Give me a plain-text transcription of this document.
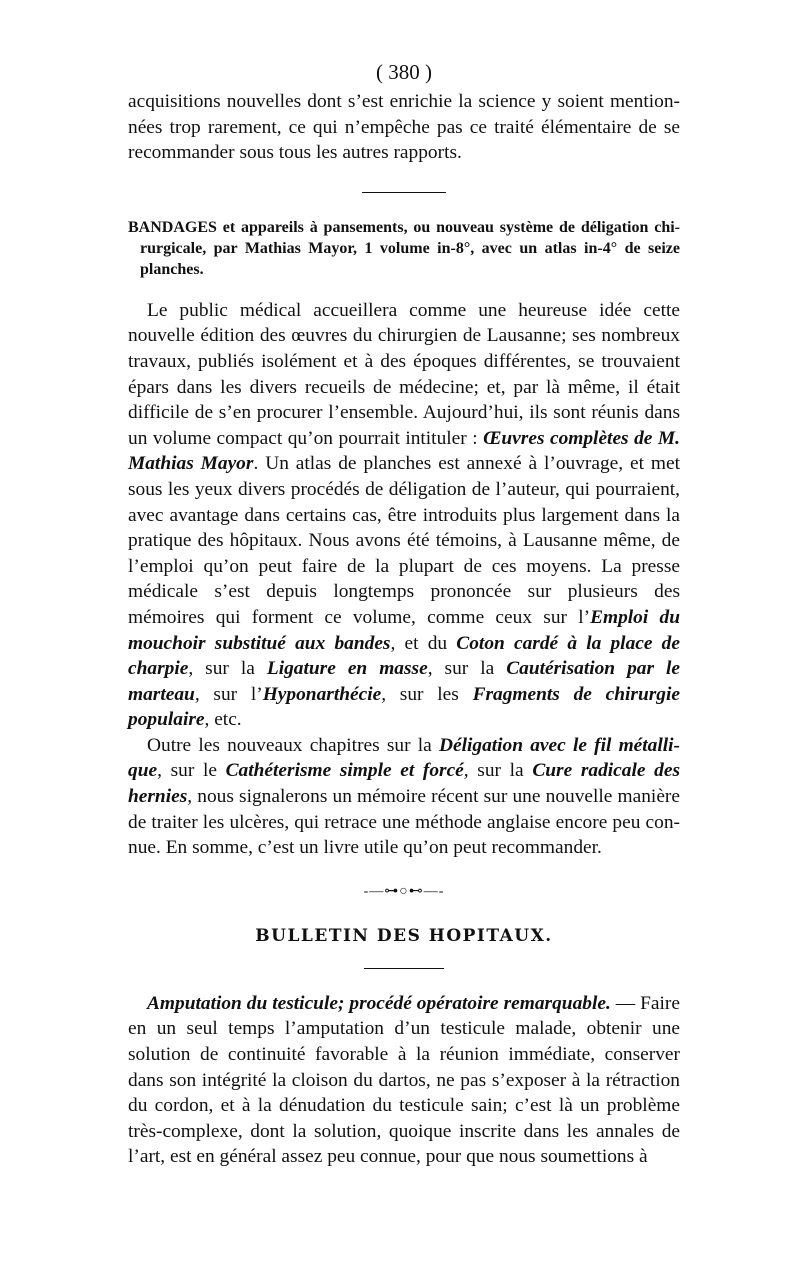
( 380 )

acquisitions nouvelles dont s’est enrichie la science y soient mentionnées trop rarement, ce qui n’empêche pas ce traité élémentaire de se recommander sous tous les autres rapports.

BANDAGES et appareils à pansements, ou nouveau système de déligation chirurgicale, par Mathias Mayor, 1 volume in-8°, avec un atlas in-4° de seize planches.

Le public médical accueillera comme une heureuse idée cette nouvelle édition des œuvres du chirurgien de Lausanne; ses nombreux travaux, publiés isolément et à des époques différentes, se trouvaient épars dans les divers recueils de médecine; et, par là même, il était difficile de s’en procurer l’ensemble. Aujourd’hui, ils sont réunis dans un volume compact qu’on pourrait intituler : Œuvres complètes de M. Mathias Mayor. Un atlas de planches est annexé à l’ouvrage, et met sous les yeux divers procédés de déligation de l’auteur, qui pourraient, avec avantage dans certains cas, être introduits plus largement dans la pratique des hôpitaux. Nous avons été témoins, à Lausanne même, de l’emploi qu’on peut faire de la plupart de ces moyens. La presse médicale s’est depuis longtemps prononcée sur plusieurs des mémoires qui forment ce volume, comme ceux sur l’Emploi du mouchoir substitué aux bandes, et du Coton cardé à la place de charpie, sur la Ligature en masse, sur la Cautérisation par le marteau, sur l’Hyponarthécie, sur les Fragments de chirurgie populaire, etc.

Outre les nouveaux chapitres sur la Déligation avec le fil métallique, sur le Cathéterisme simple et forcé, sur la Cure radicale des hernies, nous signalerons un mémoire récent sur une nouvelle manière de traiter les ulcères, qui retrace une méthode anglaise encore peu connue. En somme, c’est un livre utile qu’on peut recommander.

-—⊶○⊷—-
BULLETIN DES HOPITAUX.

Amputation du testicule; procédé opératoire remarquable. — Faire en un seul temps l’amputation d’un testicule malade, obtenir une solution de continuité favorable à la réunion immédiate, conserver dans son intégrité la cloison du dartos, ne pas s’exposer à la rétraction du cordon, et à la dénudation du testicule sain; c’est là un problème très-complexe, dont la solution, quoique inscrite dans les annales de l’art, est en général assez peu connue, pour que nous soumettions à
